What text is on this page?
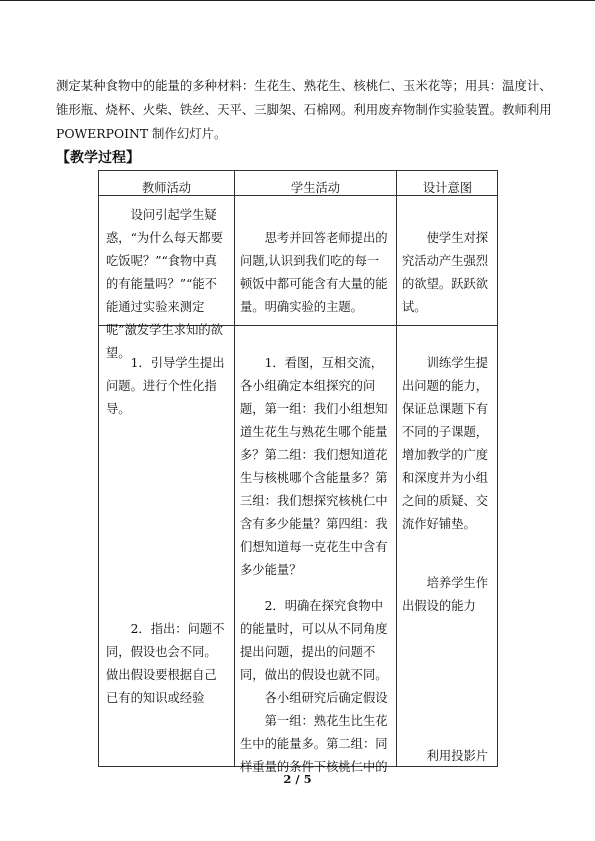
测定某种食物中的能量的多种材料：生花生、熟花生、核桃仁、玉米花等；用具：温度计、

锥形瓶、烧杯、火柴、铁丝、天平、三脚架、石棉网。利用废弃物制作实验装置。教师利用

POWERPOINT 制作幻灯片。

【教学过程】
教师活动	学生活动	设计意图
设问引起学生疑惑，“为什么每天都要吃饭呢？”“食物中真的有能量吗？”“能不能通过实验来测定呢”激发学生求知的欲望。
思考并回答老师提出的问题,认识到我们吃的每一顿饭中都可能含有大量的能量。明确实验的主题。
使学生对探究活动产生强烈的欲望。跃跃欲试。
1．引导学生提出问题。进行个性化指导。
2．指出：问题不同，假设也会不同。做出假设要根据自己已有的知识或经验
1．看图，互相交流，各小组确定本组探究的问题，第一组：我们小组想知道生花生与熟花生哪个能量多？第二组：我们想知道花生与核桃哪个含能量多？第三组：我们想探究核桃仁中含有多少能量？第四组：我们想知道每一克花生中含有多少能量？
2．明确在探究食物中的能量时，可以从不同角度提出问题，提出的问题不同，做出的假设也就不同。
各小组研究后确定假设
第一组：熟花生比生花生中的能量多。第二组：同样重量的条件下核桃仁中的
训练学生提出问题的能力，保证总课题下有不同的子课题，增加教学的广度和深度并为小组之间的质疑、交流作好铺垫。
培养学生作出假设的能力
利用投影片
2 / 5
